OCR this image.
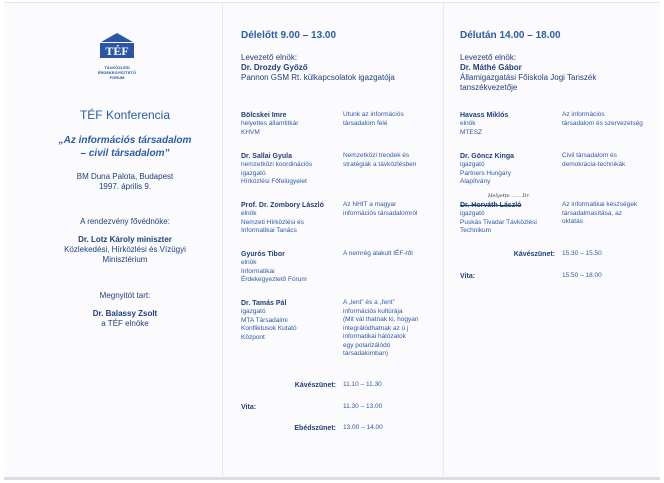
TÉF
TÁVKÖZLÉSI
ÉRDEKEGYEZTETŐ
FÓRUM
TÉF Konferencia
„Az információs társadalom
– civil társadalom”
BM Duna Palota, Budapest
1997. április 9.
A rendezvény fővédnöke:
Dr. Lotz Károly miniszter
Közlekedési, Hírközlési és Vízügyi
Minisztérium
Megnyitót tart:
Dr. Balassy Zsolt
a TÉF elnöke
Délelőtt 9.00 – 13.00
Levezető elnök:
Dr. Drozdy Győző
Pannon GSM Rt. külkapcsolatok igazgatója
Bölcskei Imre
helyettes államtitkár
KHVM
Utunk az információs
társadalom felé
Dr. Sallai Gyula
nemzetközi koordinációs
igazgató
Hírközlési Főfelügyelet
Nemzetközi trendek és
stratégiák a távközlésben
Prof. Dr. Zombory László
elnök
Nemzeti Hírközlési és
Informatikai Tanács
Az NHIT a magyar
információs társadalomról
Gyurós Tibor
elnök
Informatikai
Érdekegyeztető Fórum
A nemrég alakult IÉF-ről
Dr. Tamás Pál
igazgató
MTA Társadalmi
Konfliktusok Kutató
Központ
A „lent” és a „fent”
információs kultúrája
(Mit vál thatnak ki, hogyan
integrálódhatnak az ú j
informatikai hálózatok
egy polarizálódó
társadalomban)
Kávészünet: 11.10 – 11.30
Vita:	11.30 – 13.00
Ebédszünet: 13.00 – 14.00
Délután 14.00 – 18.00
Levezető elnök:
Dr. Máthé Gábor
Államigazgatási Főiskola Jogi Tanszék
tanszékvezetője
Havass Miklós
elnök
MTESZ
Az információs
társadalom és szervezetség
Dr. Göncz Kinga
igazgató
Partners Hungary
Alapítvány
Civil társadalom és
demokrácia-technikák
Helyette ...... Dr.
Dr. Horváth László
igazgató
Puskás Tivadar Távközlési
Technikum
Az informatikai készségek
társadalmasítása, az
oktatás
Kávészünet: 15.30 – 15.50
Vita:	15.50 – 18.00
